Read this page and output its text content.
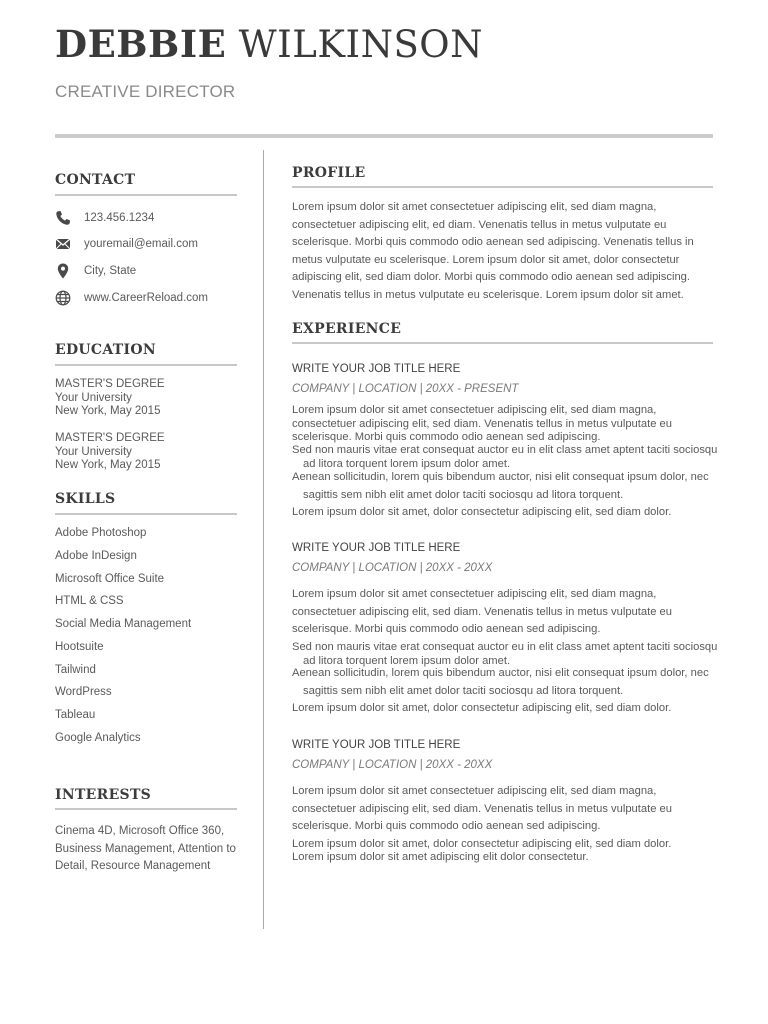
DEBBIE WILKINSON
CREATIVE DIRECTOR
CONTACT
123.456.1234
youremail@email.com
City, State
www.CareerReload.com
EDUCATION
MASTER'S DEGREE
Your University
New York, May 2015
MASTER'S DEGREE
Your University
New York, May 2015
SKILLS
Adobe Photoshop
Adobe InDesign
Microsoft Office Suite
HTML & CSS
Social Media Management
Hootsuite
Tailwind
WordPress
Tableau
Google Analytics
INTERESTS
Cinema 4D, Microsoft Office 360, Business Management, Attention to Detail, Resource Management
PROFILE
Lorem ipsum dolor sit amet consectetuer adipiscing elit, sed diam magna, consectetuer adipiscing elit, ed diam. Venenatis tellus in metus vulputate eu scelerisque. Morbi quis commodo odio aenean sed adipiscing. Venenatis tellus in metus vulputate eu scelerisque. Lorem ipsum dolor sit amet, dolor consectetur adipiscing elit, sed diam dolor. Morbi quis commodo odio aenean sed adipiscing. Venenatis tellus in metus vulputate eu scelerisque. Lorem ipsum dolor sit amet.
EXPERIENCE
WRITE YOUR JOB TITLE HERE
COMPANY | LOCATION | 20XX - PRESENT
Lorem ipsum dolor sit amet consectetuer adipiscing elit, sed diam magna, consectetuer adipiscing elit, sed diam. Venenatis tellus in metus vulputate eu scelerisque. Morbi quis commodo odio aenean sed adipiscing.
Sed non mauris vitae erat consequat auctor eu in elit class amet aptent taciti sociosqu ad litora torquent lorem ipsum dolor amet.
Aenean sollicitudin, lorem quis bibendum auctor, nisi elit consequat ipsum dolor, nec sagittis sem nibh elit amet dolor taciti sociosqu ad litora torquent.
Lorem ipsum dolor sit amet, dolor consectetur adipiscing elit, sed diam dolor.
WRITE YOUR JOB TITLE HERE
COMPANY | LOCATION | 20XX - 20XX
Lorem ipsum dolor sit amet consectetuer adipiscing elit, sed diam magna, consectetuer adipiscing elit, sed diam. Venenatis tellus in metus vulputate eu scelerisque. Morbi quis commodo odio aenean sed adipiscing.
Sed non mauris vitae erat consequat auctor eu in elit class amet aptent taciti sociosqu ad litora torquent lorem ipsum dolor amet.
Aenean sollicitudin, lorem quis bibendum auctor, nisi elit consequat ipsum dolor, nec sagittis sem nibh elit amet dolor taciti sociosqu ad litora torquent.
Lorem ipsum dolor sit amet, dolor consectetur adipiscing elit, sed diam dolor.
WRITE YOUR JOB TITLE HERE
COMPANY | LOCATION | 20XX - 20XX
Lorem ipsum dolor sit amet consectetuer adipiscing elit, sed diam magna, consectetuer adipiscing elit, sed diam. Venenatis tellus in metus vulputate eu scelerisque. Morbi quis commodo odio aenean sed adipiscing.
Lorem ipsum dolor sit amet, dolor consectetur adipiscing elit, sed diam dolor.
Lorem ipsum dolor sit amet adipiscing elit dolor consectetur.
